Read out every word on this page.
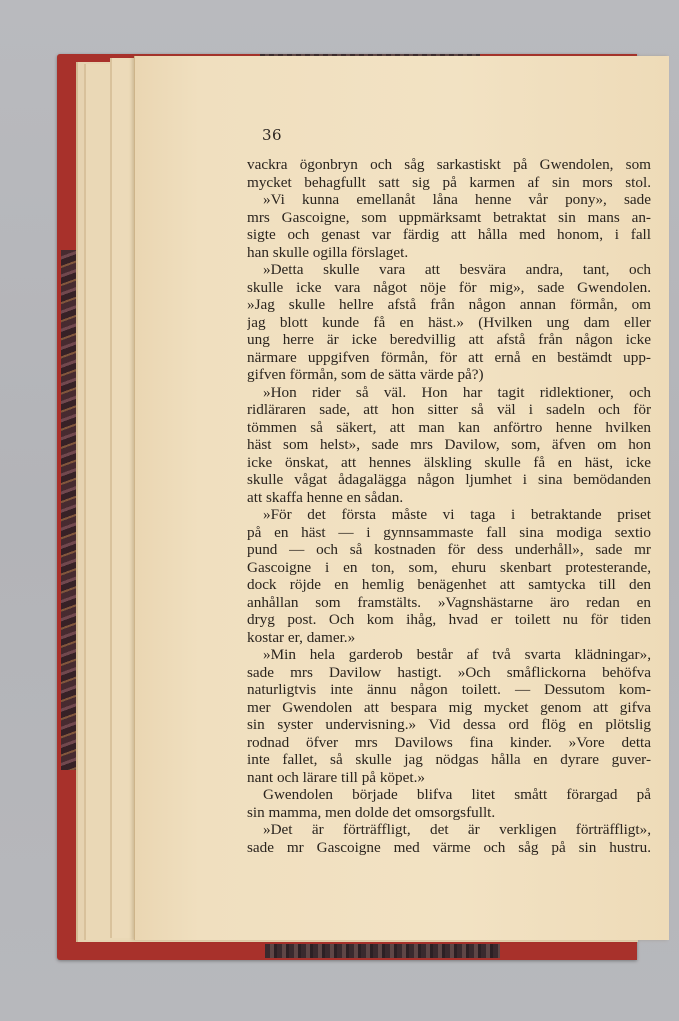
36
vackra ögonbryn och såg sarkastiskt på Gwendolen, som
mycket behagfullt satt sig på karmen af sin mors stol.
»Vi kunna emellanåt låna henne vår pony», sade
mrs Gascoigne, som uppmärksamt betraktat sin mans an-
sigte och genast var färdig att hålla med honom, i fall
han skulle ogilla förslaget.
»Detta skulle vara att besvära andra, tant, och
skulle icke vara något nöje för mig», sade Gwendolen.
»Jag skulle hellre afstå från någon annan förmån, om
jag blott kunde få en häst.» (Hvilken ung dam eller
ung herre är icke beredvillig att afstå från någon icke
närmare uppgifven förmån, för att ernå en bestämdt upp-
gifven förmån, som de sätta värde på?)
»Hon rider så väl. Hon har tagit ridlektioner, och
ridläraren sade, att hon sitter så väl i sadeln och för
tömmen så säkert, att man kan anförtro henne hvilken
häst som helst», sade mrs Davilow, som, äfven om hon
icke önskat, att hennes älskling skulle få en häst, icke
skulle vågat ådagalägga någon ljumhet i sina bemödanden
att skaffa henne en sådan.
»För det första måste vi taga i betraktande priset
på en häst — i gynnsammaste fall sina modiga sextio
pund — och så kostnaden för dess underhåll», sade mr
Gascoigne i en ton, som, ehuru skenbart protesterande,
dock röjde en hemlig benägenhet att samtycka till den
anhållan som framstälts. »Vagnshästarne äro redan en
dryg post. Och kom ihåg, hvad er toilett nu för tiden
kostar er, damer.»
»Min hela garderob består af två svarta klädningar»,
sade mrs Davilow hastigt. »Och småflickorna behöfva
naturligtvis inte ännu någon toilett. — Dessutom kom-
mer Gwendolen att bespara mig mycket genom att gifva
sin syster undervisning.» Vid dessa ord flög en plötslig
rodnad öfver mrs Davilows fina kinder. »Vore detta
inte fallet, så skulle jag nödgas hålla en dyrare guver-
nant och lärare till på köpet.»
Gwendolen började blifva litet smått förargad på
sin mamma, men dolde det omsorgsfullt.
»Det är förträffligt, det är verkligen förträffligt»,
sade mr Gascoigne med värme och såg på sin hustru.
